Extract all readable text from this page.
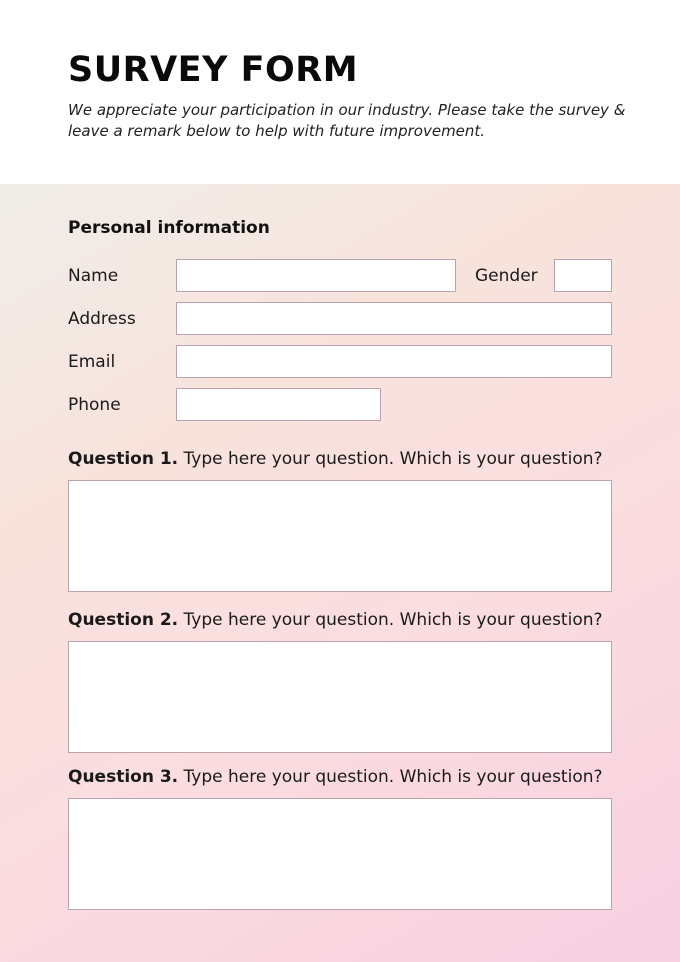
SURVEY FORM

We appreciate your participation in our industry. Please take the survey & leave a remark below to help with future improvement.

Personal information
Name	Gender
Address
Email
Phone

Question 1. Type here your question. Which is your question?

Question 2. Type here your question. Which is your question?

Question 3. Type here your question. Which is your question?
